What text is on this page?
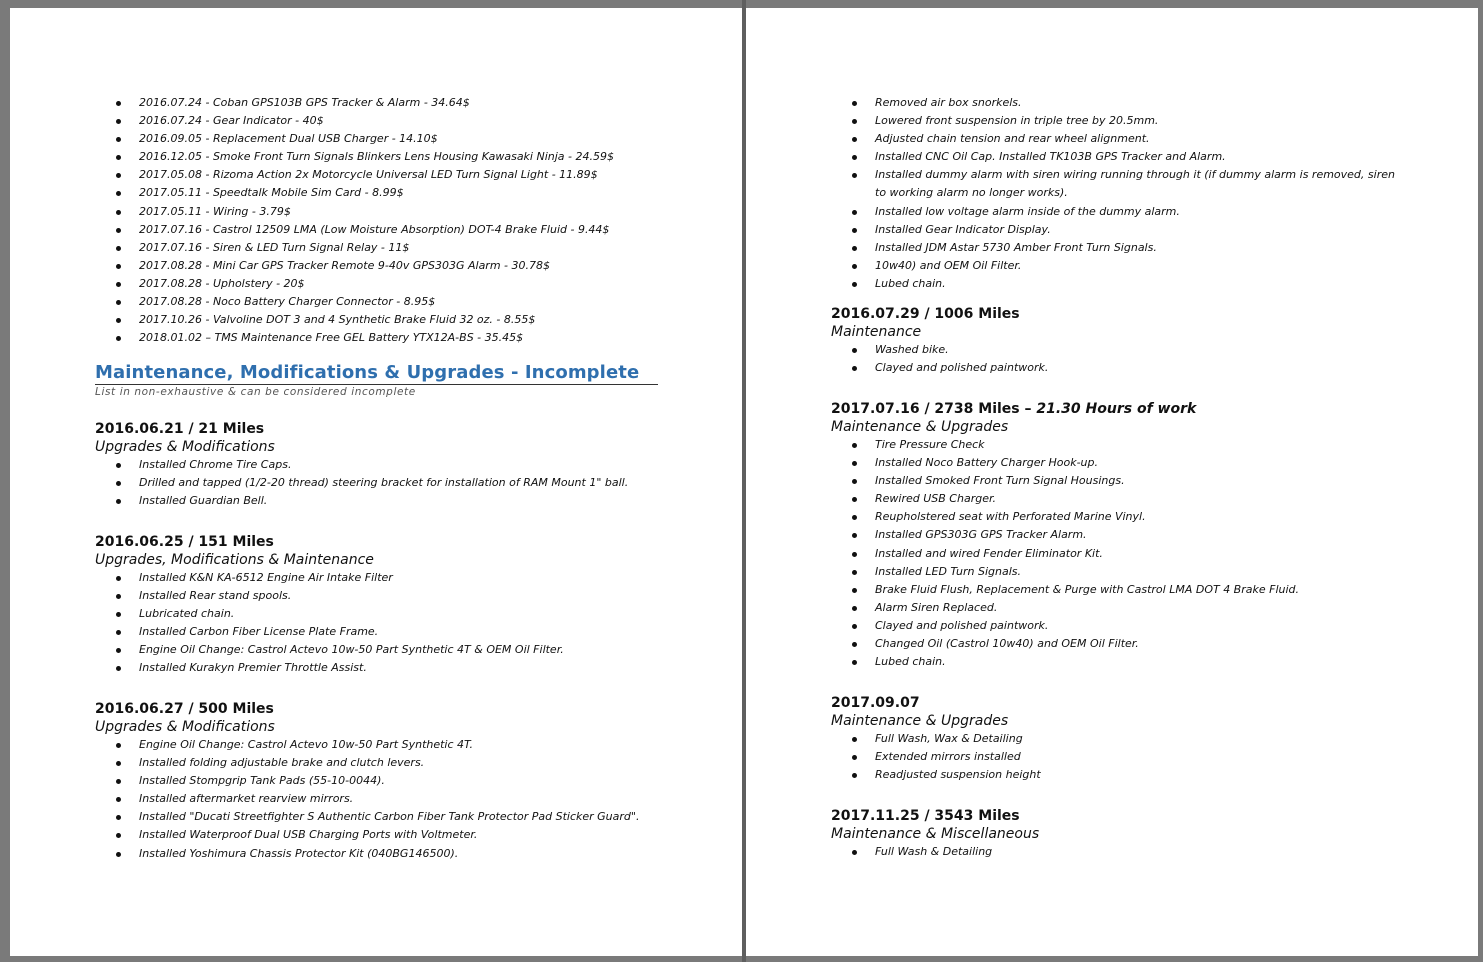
2016.07.24 - Coban GPS103B GPS Tracker & Alarm - 34.64$
2016.07.24 - Gear Indicator - 40$
2016.09.05 - Replacement Dual USB Charger - 14.10$
2016.12.05 - Smoke Front Turn Signals Blinkers Lens Housing Kawasaki Ninja - 24.59$
2017.05.08 - Rizoma Action 2x Motorcycle Universal LED Turn Signal Light - 11.89$
2017.05.11 - Speedtalk Mobile Sim Card - 8.99$
2017.05.11 - Wiring - 3.79$
2017.07.16 - Castrol 12509 LMA (Low Moisture Absorption) DOT-4 Brake Fluid - 9.44$
2017.07.16 - Siren & LED Turn Signal Relay - 11$
2017.08.28 - Mini Car GPS Tracker Remote 9-40v GPS303G Alarm - 30.78$
2017.08.28 - Upholstery - 20$
2017.08.28 - Noco Battery Charger Connector - 8.95$
2017.10.26 - Valvoline DOT 3 and 4 Synthetic Brake Fluid 32 oz. - 8.55$
2018.01.02 – TMS Maintenance Free GEL Battery YTX12A-BS - 35.45$
Maintenance, Modifications & Upgrades - Incomplete
List in non-exhaustive & can be considered incomplete
2016.06.21 / 21 Miles
Upgrades & Modifications
Installed Chrome Tire Caps.
Drilled and tapped (1/2-20 thread) steering bracket for installation of RAM Mount 1" ball.
Installed Guardian Bell.
2016.06.25 / 151 Miles
Upgrades, Modifications & Maintenance
Installed K&N KA-6512 Engine Air Intake Filter
Installed Rear stand spools.
Lubricated chain.
Installed Carbon Fiber License Plate Frame.
Engine Oil Change: Castrol Actevo 10w-50 Part Synthetic 4T & OEM Oil Filter.
Installed Kurakyn Premier Throttle Assist.
2016.06.27 / 500 Miles
Upgrades & Modifications
Engine Oil Change: Castrol Actevo 10w-50 Part Synthetic 4T.
Installed folding adjustable brake and clutch levers.
Installed Stompgrip Tank Pads (55-10-0044).
Installed aftermarket rearview mirrors.
Installed "Ducati Streetfighter S Authentic Carbon Fiber Tank Protector Pad Sticker Guard".
Installed Waterproof Dual USB Charging Ports with Voltmeter.
Installed Yoshimura Chassis Protector Kit (040BG146500).
Removed air box snorkels.
Lowered front suspension in triple tree by 20.5mm.
Adjusted chain tension and rear wheel alignment.
Installed CNC Oil Cap. Installed TK103B GPS Tracker and Alarm.
Installed dummy alarm with siren wiring running through it (if dummy alarm is removed, siren to working alarm no longer works).
Installed low voltage alarm inside of the dummy alarm.
Installed Gear Indicator Display.
Installed JDM Astar 5730 Amber Front Turn Signals.
10w40) and OEM Oil Filter.
Lubed chain.
2016.07.29 / 1006 Miles
Maintenance
Washed bike.
Clayed and polished paintwork.
2017.07.16 / 2738 Miles – 21.30 Hours of work
Maintenance & Upgrades
Tire Pressure Check
Installed Noco Battery Charger Hook-up.
Installed Smoked Front Turn Signal Housings.
Rewired USB Charger.
Reupholstered seat with Perforated Marine Vinyl.
Installed GPS303G GPS Tracker Alarm.
Installed and wired Fender Eliminator Kit.
Installed LED Turn Signals.
Brake Fluid Flush, Replacement & Purge with Castrol LMA DOT 4 Brake Fluid.
Alarm Siren Replaced.
Clayed and polished paintwork.
Changed Oil (Castrol 10w40) and OEM Oil Filter.
Lubed chain.
2017.09.07
Maintenance & Upgrades
Full Wash, Wax & Detailing
Extended mirrors installed
Readjusted suspension height
2017.11.25 / 3543 Miles
Maintenance & Miscellaneous
Full Wash & Detailing
